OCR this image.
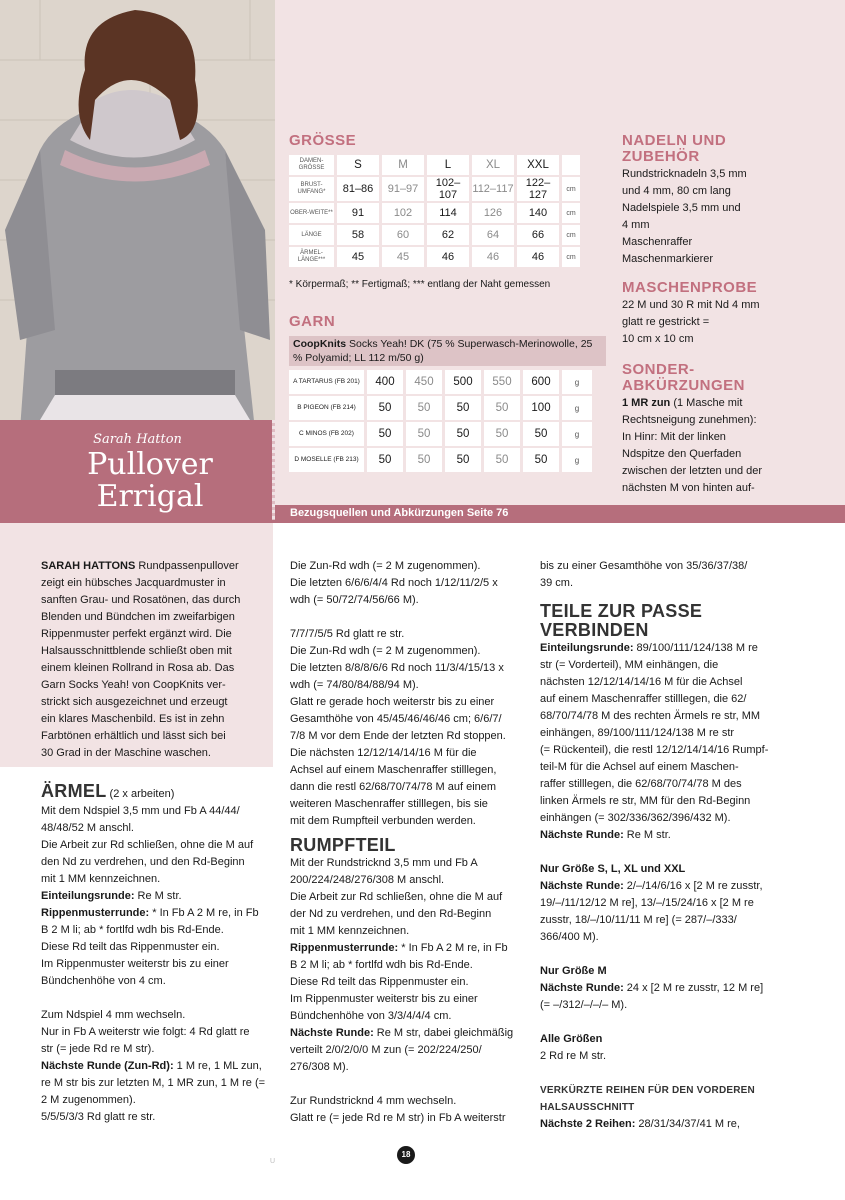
Sarah Hatton
Pullover
Errigal
GRÖSSE
DAMEN-GRÖSSE	S	M	L	XL	XXL	
BRUST-UMFANG*	81–86	91–97	102–107	112–117	122–127	cm
OBER-WEITE**	91	102	114	126	140	cm
LÄNGE	58	60	62	64	66	cm
ÄRMEL-LÄNGE***	45	45	46	46	46	cm
* Körpermaß; ** Fertigmaß; *** entlang der Naht gemessen
GARN
CoopKnits Socks Yeah! DK (75 % Superwasch-Merinowolle, 25 % Polyamid; LL 112 m/50 g)
A TARTARUS (FB 201)	400	450	500	550	600	g
B PIGEON (FB 214)	50	50	50	50	100	g
C MINOS (FB 202)	50	50	50	50	50	g
D MOSELLE (FB 213)	50	50	50	50	50	g
NADELN UND
ZUBEHÖR
Rundstricknadeln 3,5 mm
und 4 mm, 80 cm lang
Nadelspiele 3,5 mm und
4 mm
Maschenraffer
Maschenmarkierer
MASCHENPROBE
22 M und 30 R mit Nd 4 mm
glatt re gestrickt =
10 cm x 10 cm
SONDER-
ABKÜRZUNGEN
1 MR zun (1 Masche mit
Rechtsneigung zunehmen):
In Hinr: Mit der linken
Ndspitze den Querfaden
zwischen der letzten und der
nächsten M von hinten auf-
Bezugsquellen und Abkürzungen Seite 76

SARAH HATTONS Rundpassenpullover

zeigt ein hübsches Jacquardmuster in

sanften Grau- und Rosatönen, das durch

Blenden und Bündchen im zweifarbigen

Rippenmuster perfekt ergänzt wird. Die

Halsausschnittblende schließt oben mit

einem kleinen Rollrand in Rosa ab. Das

Garn Socks Yeah! von CoopKnits ver-

strickt sich ausgezeichnet und erzeugt

ein klares Maschenbild. Es ist in zehn

Farbtönen erhältlich und lässt sich bei

30 Grad in der Maschine waschen.

ÄRMEL (2 x arbeiten)

Mit dem Ndspiel 3,5 mm und Fb A 44/44/

48/48/52 M anschl.

Die Arbeit zur Rd schließen, ohne die M auf

den Nd zu verdrehen, und den Rd-Beginn

mit 1 MM kennzeichnen.

Einteilungsrunde: Re M str.

Rippenmusterrunde: * In Fb A 2 M re, in Fb

B 2 M li; ab * fortlfd wdh bis Rd-Ende.

Diese Rd teilt das Rippenmuster ein.

Im Rippenmuster weiterstr bis zu einer

Bündchenhöhe von 4 cm.

Zum Ndspiel 4 mm wechseln.

Nur in Fb A weiterstr wie folgt: 4 Rd glatt re

str (= jede Rd re M str).

Nächste Runde (Zun-Rd): 1 M re, 1 ML zun,

re M str bis zur letzten M, 1 MR zun, 1 M re (=

2 M zugenommen).

5/5/5/3/3 Rd glatt re str.

Die Zun-Rd wdh (= 2 M zugenommen).

Die letzten 6/6/6/4/4 Rd noch 1/12/11/2/5 x

wdh (= 50/72/74/56/66 M).

7/7/7/5/5 Rd glatt re str.

Die Zun-Rd wdh (= 2 M zugenommen).

Die letzten 8/8/8/6/6 Rd noch 11/3/4/15/13 x

wdh (= 74/80/84/88/94 M).

Glatt re gerade hoch weiterstr bis zu einer

Gesamthöhe von 45/45/46/46/46 cm; 6/6/7/

7/8 M vor dem Ende der letzten Rd stoppen.

Die nächsten 12/12/14/14/16 M für die

Achsel auf einem Maschenraffer stilllegen,

dann die restl 62/68/70/74/78 M auf einem

weiteren Maschenraffer stilllegen, bis sie

mit dem Rumpfteil verbunden werden.

RUMPFTEIL

Mit der Rundstricknd 3,5 mm und Fb A

200/224/248/276/308 M anschl.

Die Arbeit zur Rd schließen, ohne die M auf

der Nd zu verdrehen, und den Rd-Beginn

mit 1 MM kennzeichnen.

Rippenmusterrunde: * In Fb A 2 M re, in Fb

B 2 M li; ab * fortlfd wdh bis Rd-Ende.

Diese Rd teilt das Rippenmuster ein.

Im Rippenmuster weiterstr bis zu einer

Bündchenhöhe von 3/3/4/4/4 cm.

Nächste Runde: Re M str, dabei gleichmäßig

verteilt 2/0/2/0/0 M zun (= 202/224/250/

276/308 M).

Zur Rundstricknd 4 mm wechseln.

Glatt re (= jede Rd re M str) in Fb A weiterstr

bis zu einer Gesamthöhe von 35/36/37/38/

39 cm.

TEILE ZUR PASSE

VERBINDEN

Einteilungsrunde: 89/100/111/124/138 M re

str (= Vorderteil), MM einhängen, die

nächsten 12/12/14/14/16 M für die Achsel

auf einem Maschenraffer stilllegen, die 62/

68/70/74/78 M des rechten Ärmels re str, MM

einhängen, 89/100/111/124/138 M re str

(= Rückenteil), die restl 12/12/14/14/16 Rumpf-

teil-M für die Achsel auf einem Maschen-

raffer stilllegen, die 62/68/70/74/78 M des

linken Ärmels re str, MM für den Rd-Beginn

einhängen (= 302/336/362/396/432 M).

Nächste Runde: Re M str.

Nur Größe S, L, XL und XXL

Nächste Runde: 2/–/14/6/16 x [2 M re zusstr,

19/–/11/12/12 M re], 13/–/15/24/16 x [2 M re

zusstr, 18/–/10/11/11 M re] (= 287/–/333/

366/400 M).

Nur Größe M

Nächste Runde: 24 x [2 M re zusstr, 12 M re]

(= –/312/–/–/– M).

Alle Größen

2 Rd re M str.

VERKÜRZTE REIHEN FÜR DEN VORDEREN

HALSAUSSCHNITT

Nächste 2 Reihen: 28/31/34/37/41 M re,

U
18
